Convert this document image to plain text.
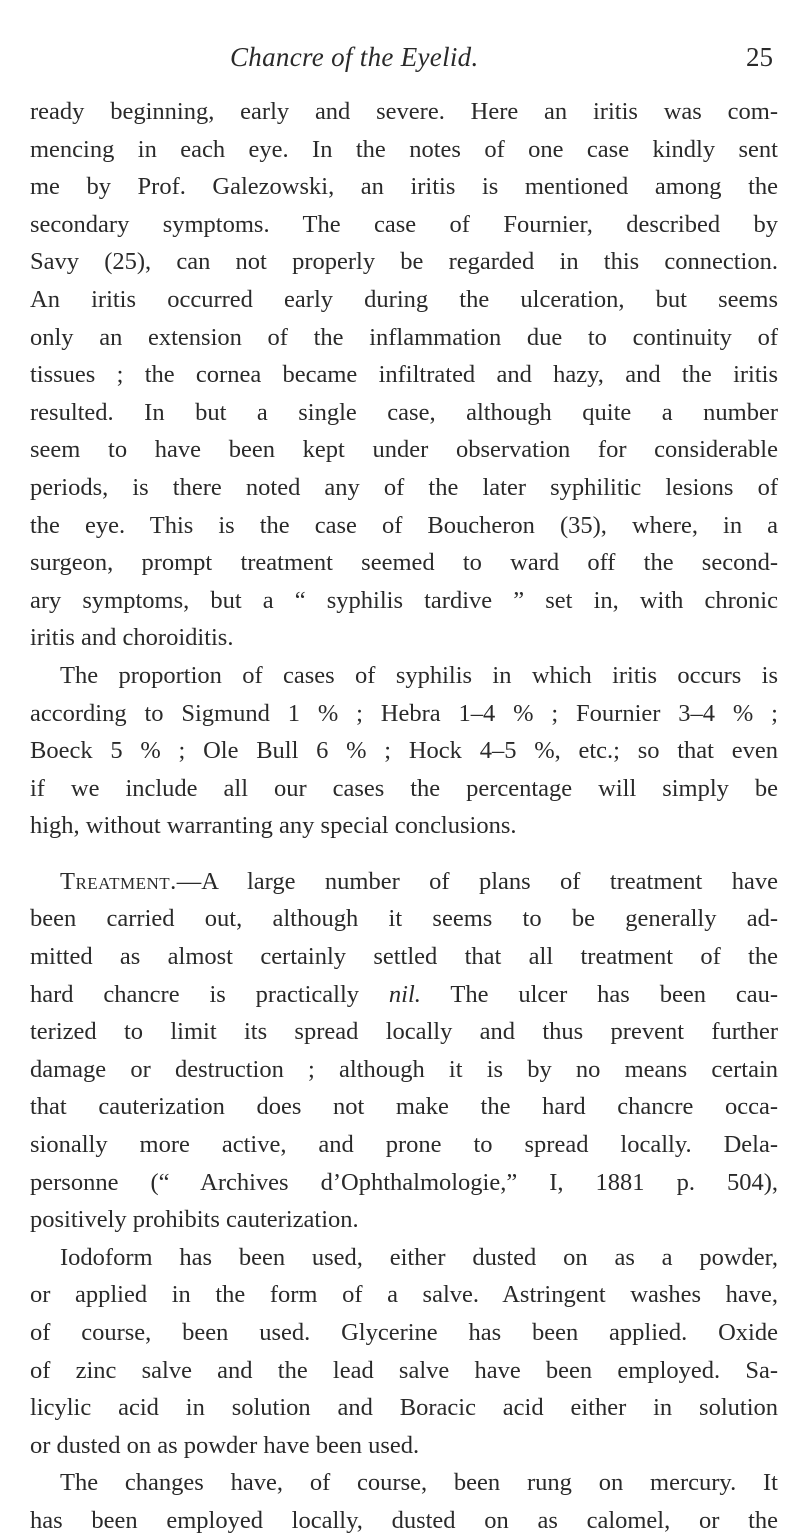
Chancre of the Eyelid.	25
ready beginning, early and severe. Here an iritis was com-
mencing in each eye. In the notes of one case kindly sent
me by Prof. Galezowski, an iritis is mentioned among the
secondary symptoms. The case of Fournier, described by
Savy (25), can not properly be regarded in this connection.
An iritis occurred early during the ulceration, but seems
only an extension of the inflammation due to continuity of
tissues ; the cornea became infiltrated and hazy, and the iritis
resulted. In but a single case, although quite a number
seem to have been kept under observation for considerable
periods, is there noted any of the later syphilitic lesions of
the eye. This is the case of Boucheron (35), where, in a
surgeon, prompt treatment seemed to ward off the second-
ary symptoms, but a “ syphilis tardive ” set in, with chronic
iritis and choroiditis.
The proportion of cases of syphilis in which iritis occurs is
according to Sigmund 1 % ; Hebra 1–4 % ; Fournier 3–4 % ;
Boeck 5 % ; Ole Bull 6 % ; Hock 4–5 %, etc.; so that even
if we include all our cases the percentage will simply be
high, without warranting any special conclusions.
Treatment.—A large number of plans of treatment have
been carried out, although it seems to be generally ad-
mitted as almost certainly settled that all treatment of the
hard chancre is practically nil. The ulcer has been cau-
terized to limit its spread locally and thus prevent further
damage or destruction ; although it is by no means certain
that cauterization does not make the hard chancre occa-
sionally more active, and prone to spread locally. Dela-
personne (“ Archives d’Ophthalmologie,” I, 1881 p. 504),
positively prohibits cauterization.
Iodoform has been used, either dusted on as a powder,
or applied in the form of a salve. Astringent washes have,
of course, been used. Glycerine has been applied. Oxide
of zinc salve and the lead salve have been employed. Sa-
licylic acid in solution and Boracic acid either in solution
or dusted on as powder have been used.
The changes have, of course, been rung on mercury. It
has been employed locally, dusted on as calomel, or the
